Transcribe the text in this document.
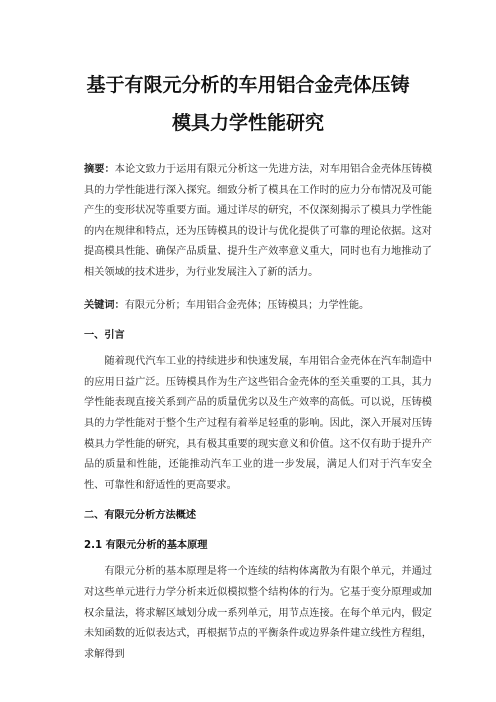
基于有限元分析的车用铝合金壳体压铸
模具力学性能研究

摘要：本论文致力于运用有限元分析这一先进方法，对车用铝合金壳体压铸模具的力学性能进行深入探究。细致分析了模具在工作时的应力分布情况及可能产生的变形状况等重要方面。通过详尽的研究，不仅深刻揭示了模具力学性能的内在规律和特点，还为压铸模具的设计与优化提供了可靠的理论依据。这对提高模具性能、确保产品质量、提升生产效率意义重大，同时也有力地推动了相关领域的技术进步，为行业发展注入了新的活力。

关键词：有限元分析；车用铝合金壳体；压铸模具；力学性能。

一、引言

随着现代汽车工业的持续进步和快速发展，车用铝合金壳体在汽车制造中的应用日益广泛。压铸模具作为生产这些铝合金壳体的至关重要的工具，其力学性能表现直接关系到产品的质量优劣以及生产效率的高低。可以说，压铸模具的力学性能对于整个生产过程有着举足轻重的影响。因此，深入开展对压铸模具力学性能的研究，具有极其重要的现实意义和价值。这不仅有助于提升产品的质量和性能，还能推动汽车工业的进一步发展，满足人们对于汽车安全性、可靠性和舒适性的更高要求。

二、有限元分析方法概述
2.1 有限元分析的基本原理

有限元分析的基本原理是将一个连续的结构体离散为有限个单元，并通过对这些单元进行力学分析来近似模拟整个结构体的行为。它基于变分原理或加权余量法，将求解区域划分成一系列单元，用节点连接。在每个单元内，假定未知函数的近似表达式，再根据节点的平衡条件或边界条件建立线性方程组，求解得到
